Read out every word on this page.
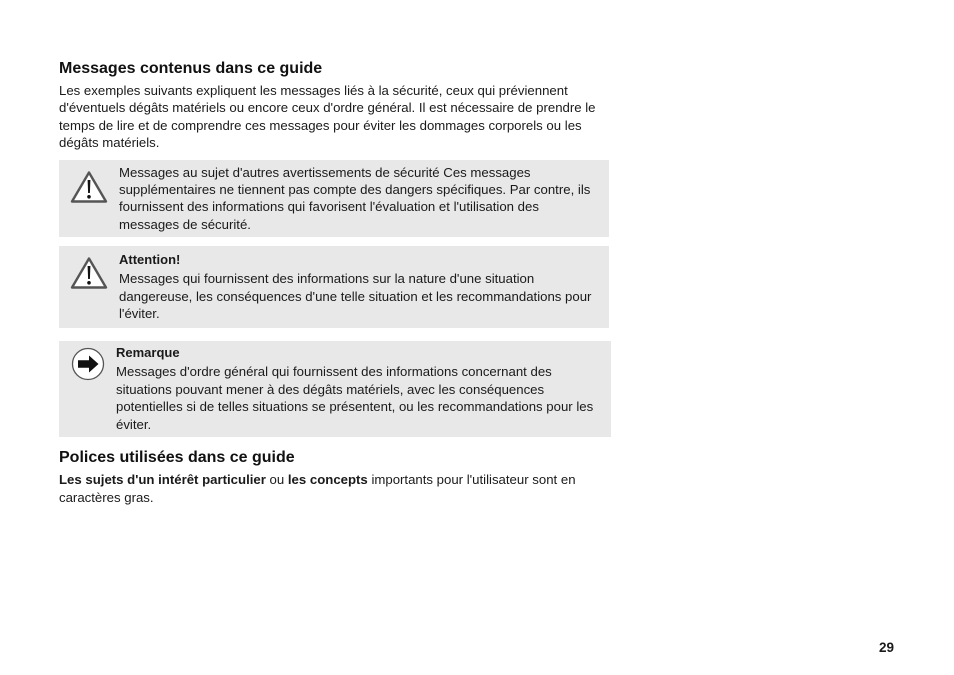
Messages contenus dans ce guide

Les exemples suivants expliquent les messages liés à la sécurité, ceux qui préviennent d'éventuels dégâts matériels ou encore ceux d'ordre général. Il est nécessaire de prendre le temps de lire et de comprendre ces messages pour éviter les dommages corporels ou les dégâts matériels.

Messages au sujet d'autres avertissements de sécurité Ces messages supplémentaires ne tiennent pas compte des dangers spécifiques. Par contre, ils fournissent des informations qui favorisent l'évaluation et l'utilisation des messages de sécurité.
Attention!
Messages qui fournissent des informations sur la nature d'une situation dangereuse, les conséquences d'une telle situation et les recommandations pour l'éviter.
Remarque
Messages d'ordre général qui fournissent des informations concernant des situations pouvant mener à des dégâts matériels, avec les conséquences potentielles si de telles situations se présentent, ou les recommandations pour les éviter.
Polices utilisées dans ce guide

Les sujets d'un intérêt particulier ou les concepts importants pour l'utilisateur sont en caractères gras.

29
